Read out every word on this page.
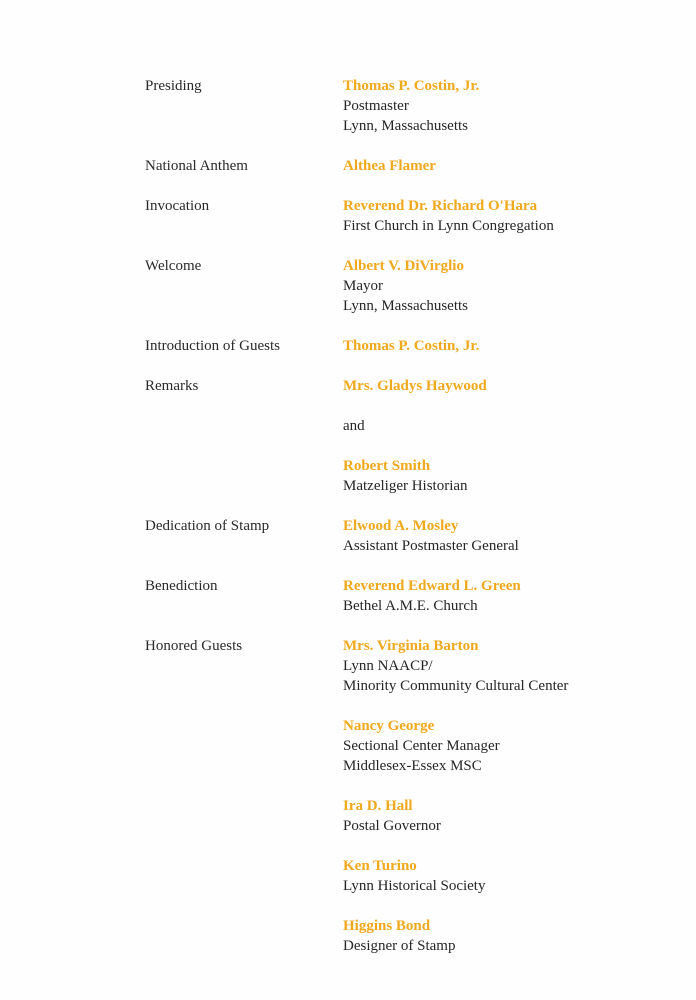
Presiding	Thomas P. Costin, Jr.
Postmaster
Lynn, Massachusetts
National Anthem	Althea Flamer
Invocation	Reverend Dr. Richard O'Hara
First Church in Lynn Congregation
Welcome	Albert V. DiVirglio
Mayor
Lynn, Massachusetts
Introduction of Guests	Thomas P. Costin, Jr.
Remarks	Mrs. Gladys Haywood
and
Robert Smith
Matzeliger Historian
Dedication of Stamp	Elwood A. Mosley
Assistant Postmaster General
Benediction	Reverend Edward L. Green
Bethel A.M.E. Church
Honored Guests	Mrs. Virginia Barton
Lynn NAACP/
Minority Community Cultural Center
Nancy George
Sectional Center Manager
Middlesex-Essex MSC
Ira D. Hall
Postal Governor
Ken Turino
Lynn Historical Society
Higgins Bond
Designer of Stamp
